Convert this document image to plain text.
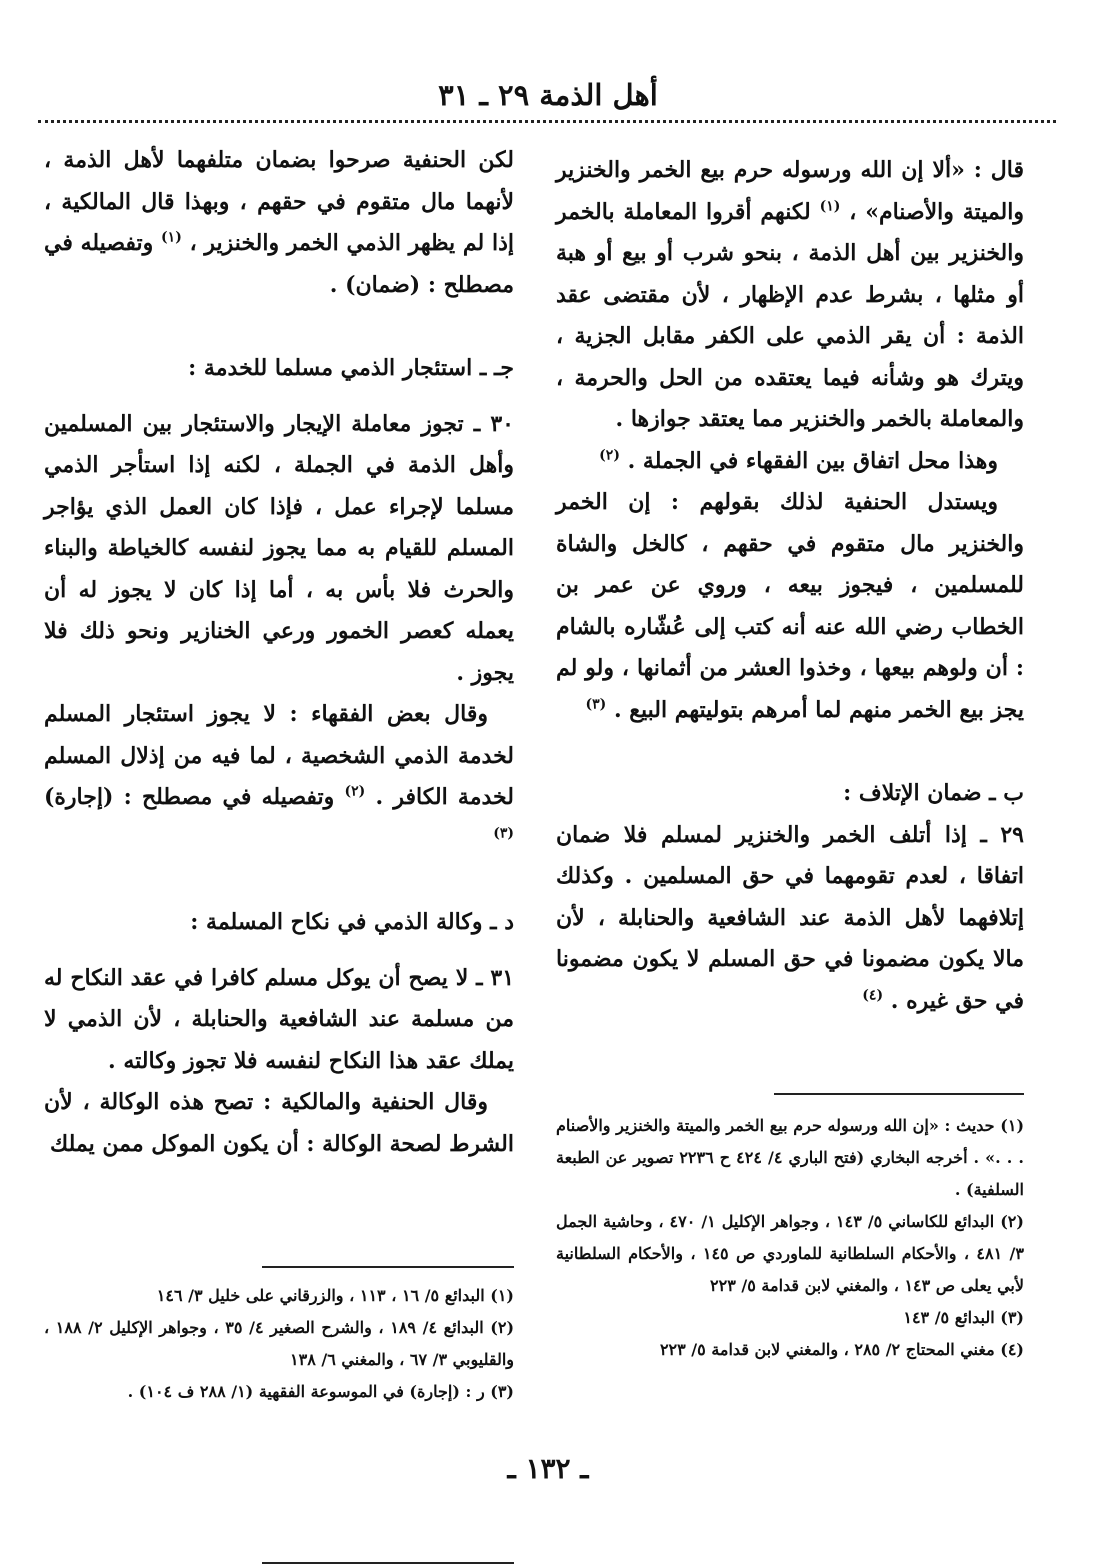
أهل الذمة ٢٩ ـ ٣١

قال : «ألا إن الله ورسوله حرم بيع الخمر والخنزير والميتة والأصنام» ، $^{(١)}$ لكنهم أقروا المعاملة بالخمر والخنزير بين أهل الذمة ، بنحو شرب أو بيع أو هبة أو مثلها ، بشرط عدم الإظهار ، لأن مقتضى عقد الذمة : أن يقر الذمي على الكفر مقابل الجزية ، ويترك هو وشأنه فيما يعتقده من الحل والحرمة ، والمعاملة بالخمر والخنزير مما يعتقد جوازها .

وهذا محل اتفاق بين الفقهاء في الجملة . $^{(٢)}$

ويستدل الحنفية لذلك بقولهم : إن الخمر والخنزير مال متقوم في حقهم ، كالخل والشاة للمسلمين ، فيجوز بيعه ، وروي عن عمر بن الخطاب رضي الله عنه أنه كتب إلى عُشّاره بالشام : أن ولوهم بيعها ، وخذوا العشر من أثمانها ، ولو لم يجز بيع الخمر منهم لما أمرهم بتوليتهم البيع . $^{(٣)}$

ب ـ ضمان الإتلاف :

٢٩ ـ إذا أتلف الخمر والخنزير لمسلم فلا ضمان اتفاقا ، لعدم تقومهما في حق المسلمين . وكذلك إتلافهما لأهل الذمة عند الشافعية والحنابلة ، لأن مالا يكون مضمونا في حق المسلم لا يكون مضمونا في حق غيره . $^{(٤)}$

لكن الحنفية صرحوا بضمان متلفهما لأهل الذمة ، لأنهما مال متقوم في حقهم ، وبهذا قال المالكية ، إذا لم يظهر الذمي الخمر والخنزير ، $^{(١)}$ وتفصيله في مصطلح : (ضمان) .

جـ ـ استئجار الذمي مسلما للخدمة :

٣٠ ـ تجوز معاملة الإيجار والاستئجار بين المسلمين وأهل الذمة في الجملة ، لكنه إذا استأجر الذمي مسلما لإجراء عمل ، فإذا كان العمل الذي يؤاجر المسلم للقيام به مما يجوز لنفسه كالخياطة والبناء والحرث فلا بأس به ، أما إذا كان لا يجوز له أن يعمله كعصر الخمور ورعي الخنازير ونحو ذلك فلا يجوز .

وقال بعض الفقهاء : لا يجوز استئجار المسلم لخدمة الذمي الشخصية ، لما فيه من إذلال المسلم لخدمة الكافر . $^{(٢)}$ وتفصيله في مصطلح : (إجارة) $^{(٣)}$

د ـ وكالة الذمي في نكاح المسلمة :

٣١ ـ لا يصح أن يوكل مسلم كافرا في عقد النكاح له من مسلمة عند الشافعية والحنابلة ، لأن الذمي لا يملك عقد هذا النكاح لنفسه فلا تجوز وكالته .

وقال الحنفية والمالكية : تصح هذه الوكالة ، لأن الشرط لصحة الوكالة : أن يكون الموكل ممن يملك

(١) حديث : «إن الله ورسوله حرم بيع الخمر والميتة والخنزير والأصنام . . .» . أخرجه البخاري (فتح الباري ٤/ ٤٢٤ ح ٢٢٣٦ تصوير عن الطبعة السلفية) .

(٢) البدائع للكاساني ٥/ ١٤٣ ، وجواهر الإكليل ١/ ٤٧٠ ، وحاشية الجمل ٣/ ٤٨١ ، والأحكام السلطانية للماوردي ص ١٤٥ ، والأحكام السلطانية لأبي يعلى ص ١٤٣ ، والمغني لابن قدامة ٥/ ٢٢٣

(٣) البدائع ٥/ ١٤٣

(٤) مغني المحتاج ٢/ ٢٨٥ ، والمغني لابن قدامة ٥/ ٢٢٣

(١) البدائع ٥/ ١٦ ، ١١٣ ، والزرقاني على خليل ٣/ ١٤٦

(٢) البدائع ٤/ ١٨٩ ، والشرح الصغير ٤/ ٣٥ ، وجواهر الإكليل ٢/ ١٨٨ ، والقليوبي ٣/ ٦٧ ، والمغني ٦/ ١٣٨

(٣) ر : (إجارة) في الموسوعة الفقهية (١/ ٢٨٨ ف ١٠٤) .

ـ ١٣٢ ـ
